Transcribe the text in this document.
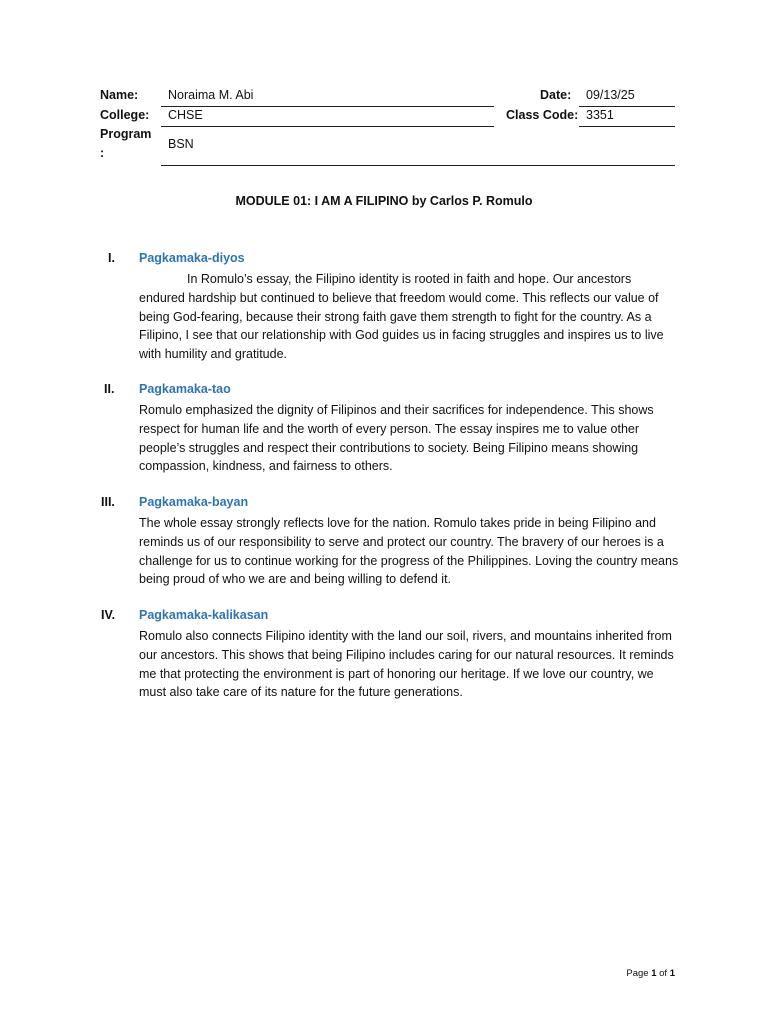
Name: Noraima M. Abi	Date: 09/13/25
College: CHSE	Class Code: 3351
Program
:
BSN
MODULE 01: I AM A FILIPINO by Carlos P. Romulo
I.	Pagkamaka-diyos
In Romulo’s essay, the Filipino identity is rooted in faith and hope. Our ancestors endured hardship but continued to believe that freedom would come. This reflects our value of being God-fearing, because their strong faith gave them strength to fight for the country. As a Filipino, I see that our relationship with God guides us in facing struggles and inspires us to live with humility and gratitude.
II.	Pagkamaka-tao
Romulo emphasized the dignity of Filipinos and their sacrifices for independence. This shows respect for human life and the worth of every person. The essay inspires me to value other people’s struggles and respect their contributions to society. Being Filipino means showing compassion, kindness, and fairness to others.
III.	Pagkamaka-bayan
The whole essay strongly reflects love for the nation. Romulo takes pride in being Filipino and reminds us of our responsibility to serve and protect our country. The bravery of our heroes is a challenge for us to continue working for the progress of the Philippines. Loving the country means being proud of who we are and being willing to defend it.
IV.	Pagkamaka-kalikasan
Romulo also connects Filipino identity with the land our soil, rivers, and mountains inherited from our ancestors. This shows that being Filipino includes caring for our natural resources. It reminds me that protecting the environment is part of honoring our heritage. If we love our country, we must also take care of its nature for the future generations.
Page 1 of 1
